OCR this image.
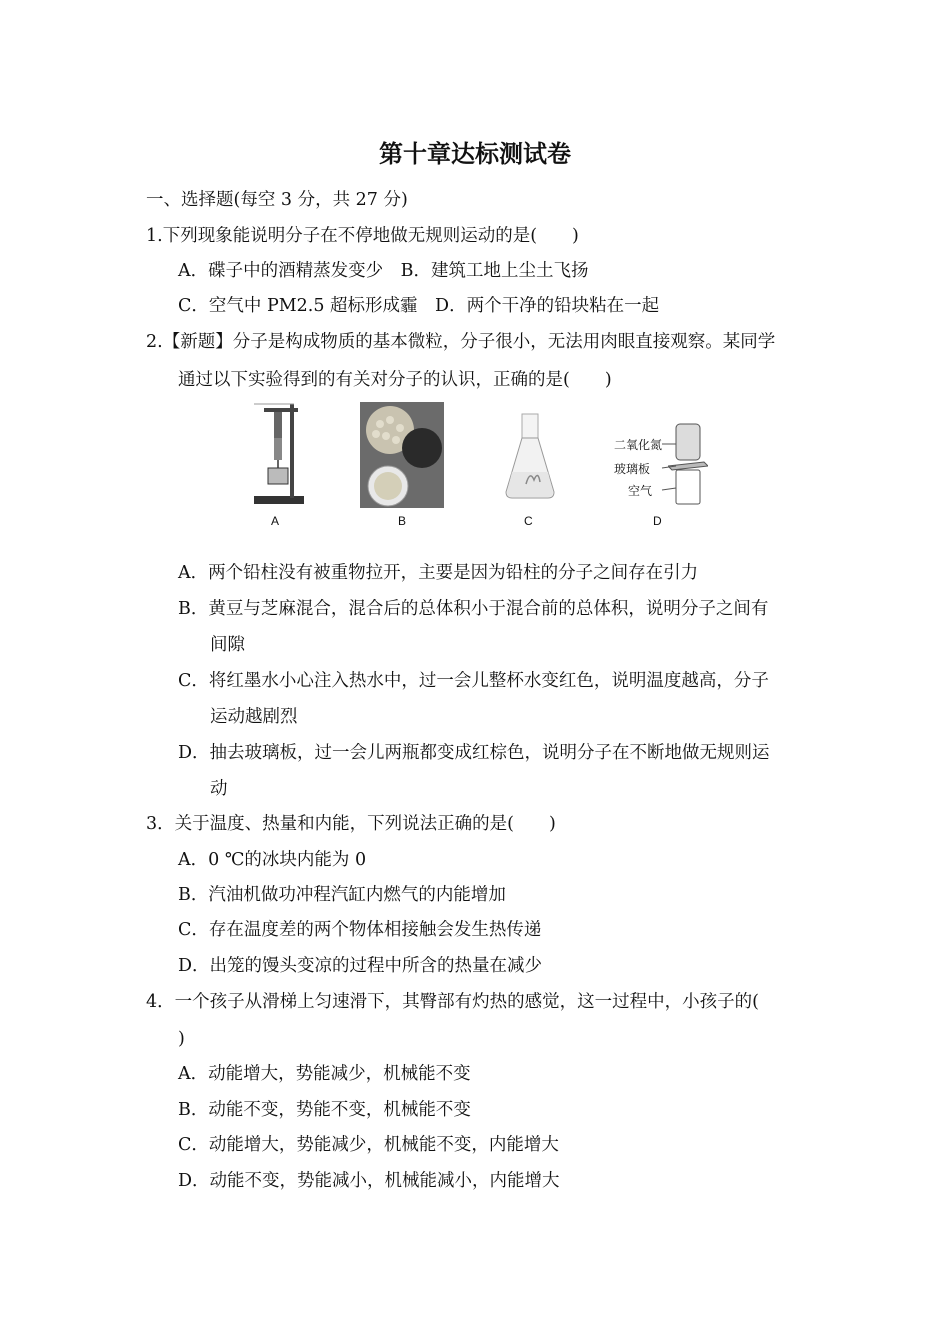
第十章达标测试卷
一、选择题(每空 3 分，共 27 分)
1.下列现象能说明分子在不停地做无规则运动的是(　　)
A．碟子中的酒精蒸发变少　B．建筑工地上尘土飞扬
C．空气中 PM2.5 超标形成霾　D．两个干净的铅块粘在一起
2.【新题】分子是构成物质的基本微粒，分子很小，无法用肉眼直接观察。某同学
通过以下实验得到的有关对分子的认识，正确的是(　　)
A	B	C
二氧化氮
玻璃板
空气
D
A．两个铅柱没有被重物拉开，主要是因为铅柱的分子之间存在引力
B．黄豆与芝麻混合，混合后的总体积小于混合前的总体积，说明分子之间有
间隙
C．将红墨水小心注入热水中，过一会儿整杯水变红色，说明温度越高，分子
运动越剧烈
D．抽去玻璃板，过一会儿两瓶都变成红棕色，说明分子在不断地做无规则运
动
3．关于温度、热量和内能，下列说法正确的是(　　)
A．0 ℃的冰块内能为 0
B．汽油机做功冲程汽缸内燃气的内能增加
C．存在温度差的两个物体相接触会发生热传递
D．出笼的馒头变凉的过程中所含的热量在减少
4．一个孩子从滑梯上匀速滑下，其臀部有灼热的感觉，这一过程中，小孩子的(
)
A．动能增大，势能减少，机械能不变
B．动能不变，势能不变，机械能不变
C．动能增大，势能减少，机械能不变，内能增大
D．动能不变，势能减小，机械能减小，内能增大
